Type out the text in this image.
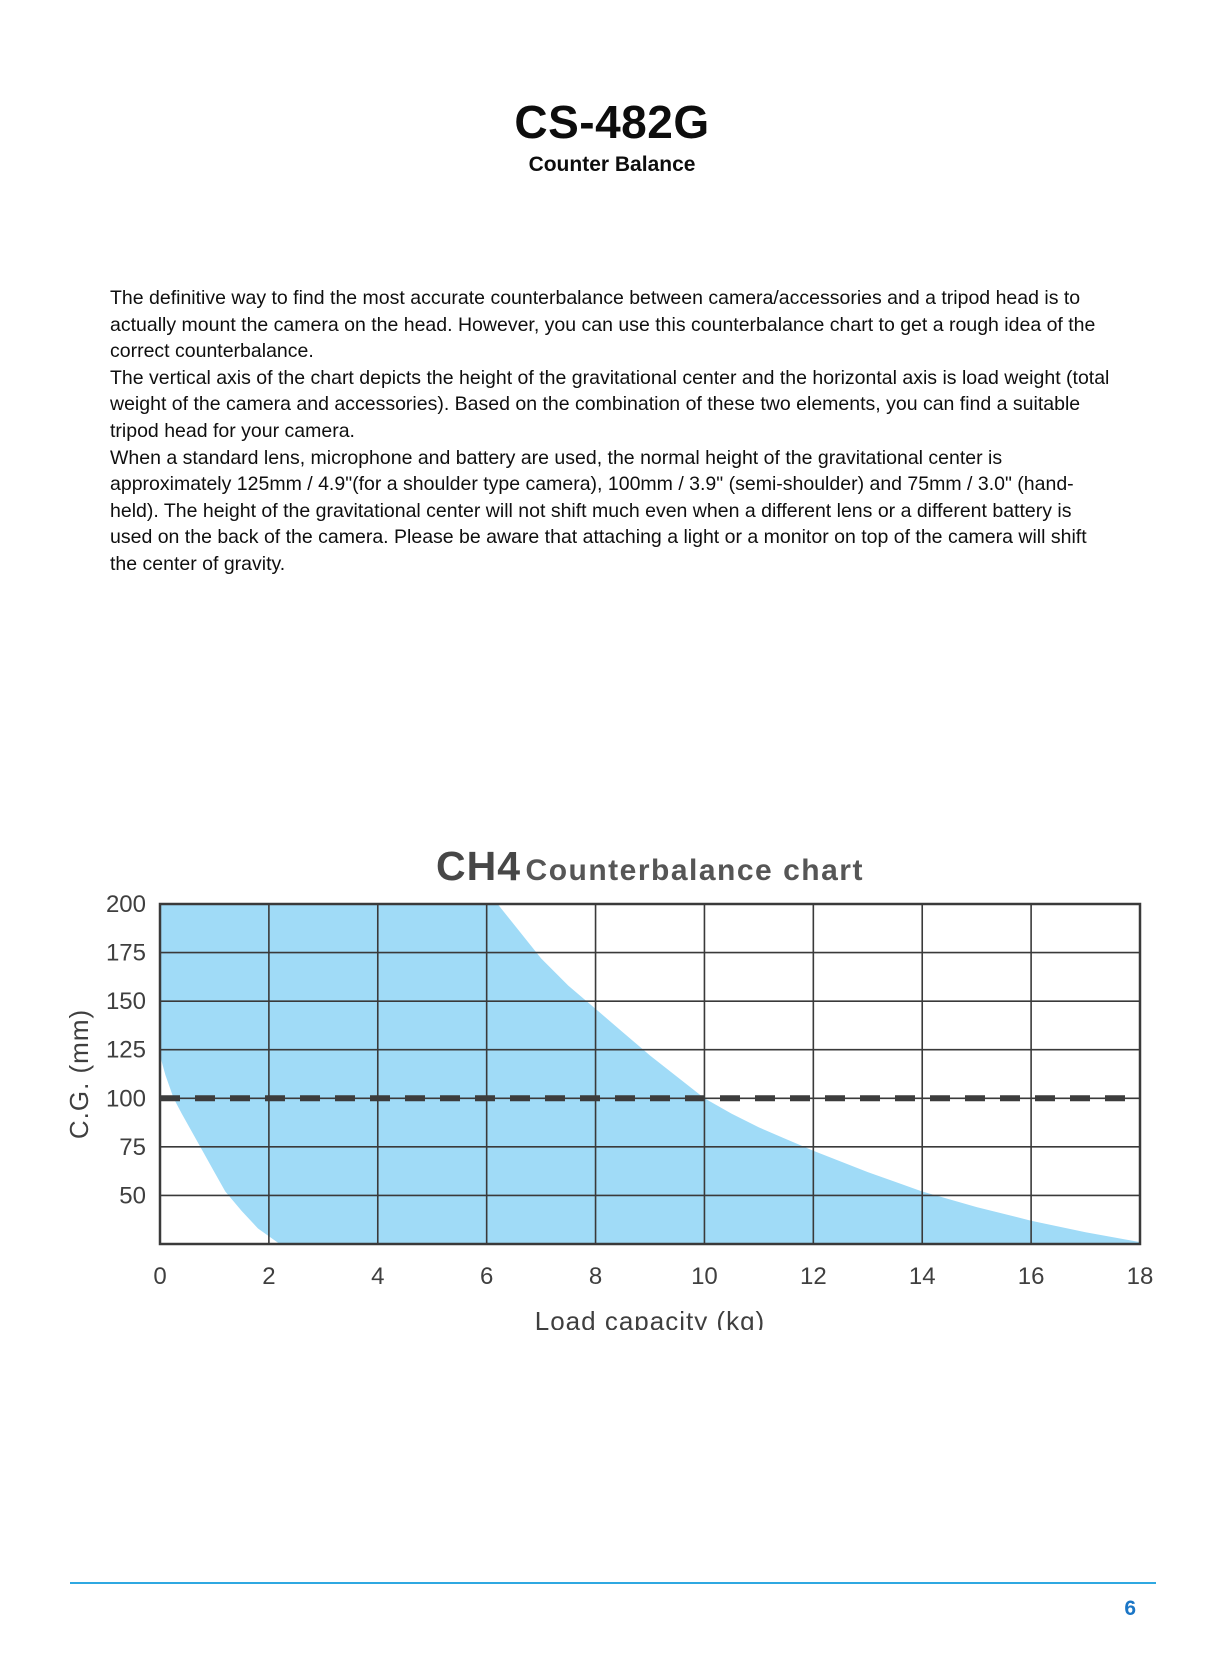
CS-482G
Counter Balance

The definitive way to find the most accurate counterbalance between camera/accessories and a tripod head is to actually mount the camera on the head. However, you can use this counterbalance chart to get a rough idea of the correct counterbalance.

The vertical axis of the chart depicts the height of the gravitational center and the horizontal axis is load weight (total weight of the camera and accessories). Based on the combination of these two elements, you can find a suitable tripod head for your camera.

When a standard lens, microphone and battery are used, the normal height of the gravitational center is approximately 125mm / 4.9"(for a shoulder type camera), 100mm / 3.9" (semi-shoulder) and 75mm / 3.0" (hand-held). The height of the gravitational center will not shift much even when a different lens or a different battery is used on the back of the camera. Please be aware that attaching a light or a monitor on top of the camera will shift the center of gravity.

CH4 Counterbalance chart
0	2	4	6	8	10	12	14	16	18
50
75
100
125
150
175
200
Load capacity (kg)
C.G. (mm)
6
